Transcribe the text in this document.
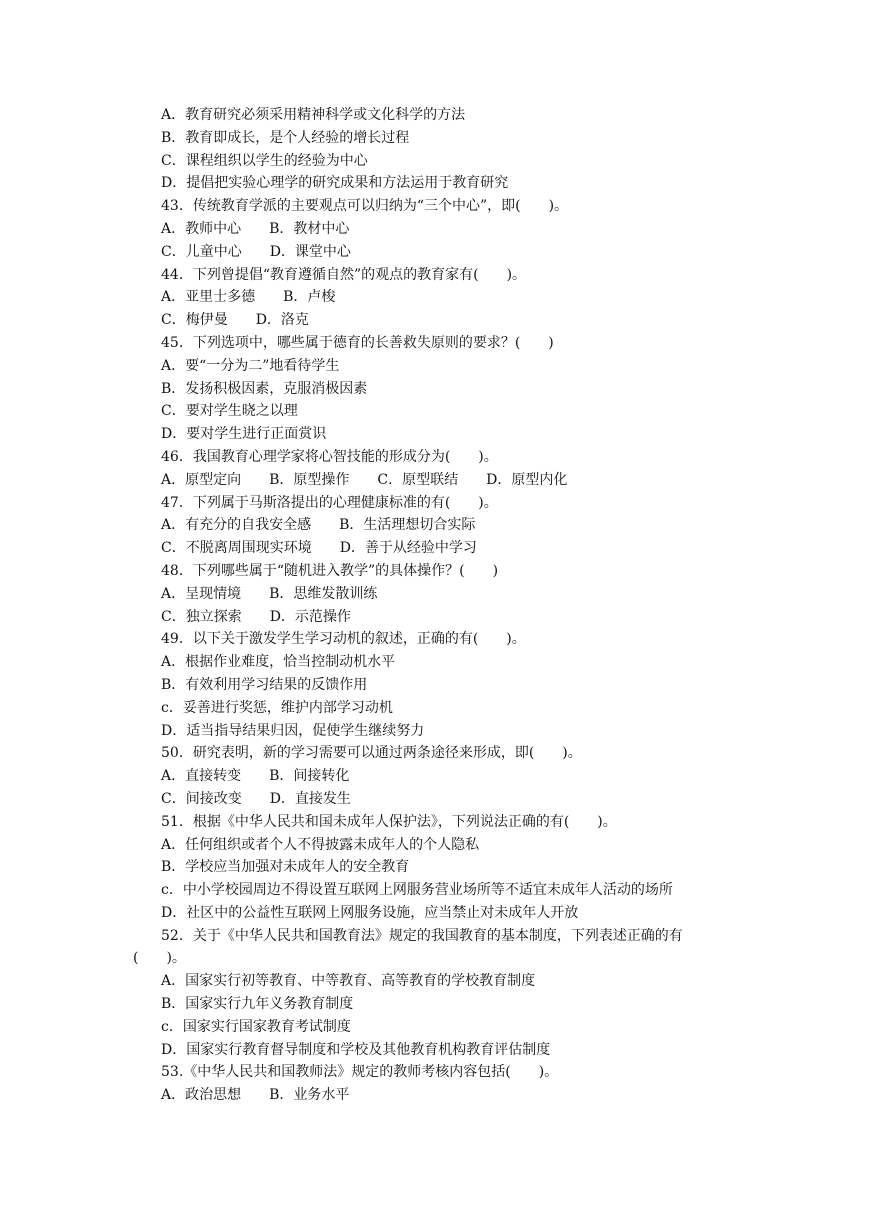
A．教育研究必须采用精神科学或文化科学的方法
B．教育即成长，是个人经验的增长过程
C．课程组织以学生的经验为中心
D．提倡把实验心理学的研究成果和方法运用于教育研究
43．传统教育学派的主要观点可以归纳为“三个中心”，即(　　)。
A．教师中心　　B．教材中心
C．儿童中心　　D．课堂中心
44．下列曾提倡“教育遵循自然”的观点的教育家有(　　)。
A．亚里士多德　　B．卢梭
C．梅伊曼　　D．洛克
45．下列选项中，哪些属于德育的长善救失原则的要求？(　　)
A．要“一分为二”地看待学生
B．发扬积极因素，克服消极因素
C．要对学生晓之以理
D．要对学生进行正面赏识
46．我国教育心理学家将心智技能的形成分为(　　)。
A．原型定向　　B．原型操作　　C．原型联结　　D．原型内化
47．下列属于马斯洛提出的心理健康标准的有(　　)。
A．有充分的自我安全感　　B．生活理想切合实际
C．不脱离周围现实环境　　D．善于从经验中学习
48．下列哪些属于“随机进入教学”的具体操作？(　　)
A．呈现情境　　B．思维发散训练
C．独立探索　　D．示范操作
49．以下关于激发学生学习动机的叙述，正确的有(　　)。
A．根据作业难度，恰当控制动机水平
B．有效利用学习结果的反馈作用
c．妥善进行奖惩，维护内部学习动机
D．适当指导结果归因，促使学生继续努力
50．研究表明，新的学习需要可以通过两条途径来形成，即(　　)。
A．直接转变　　B．间接转化
C．间接改变　　D．直接发生
51．根据《中华人民共和国未成年人保护法》，下列说法正确的有(　　)。
A．任何组织或者个人不得披露未成年人的个人隐私
B．学校应当加强对未成年人的安全教育
c．中小学校园周边不得设置互联网上网服务营业场所等不适宜未成年人活动的场所
D．社区中的公益性互联网上网服务设施，应当禁止对未成年人开放
52．关于《中华人民共和国教育法》规定的我国教育的基本制度，下列表述正确的有
(　　)。
A．国家实行初等教育、中等教育、高等教育的学校教育制度
B．国家实行九年义务教育制度
c．国家实行国家教育考试制度
D．国家实行教育督导制度和学校及其他教育机构教育评估制度
53.《中华人民共和国教师法》规定的教师考核内容包括(　　)。
A．政治思想　　B．业务水平
